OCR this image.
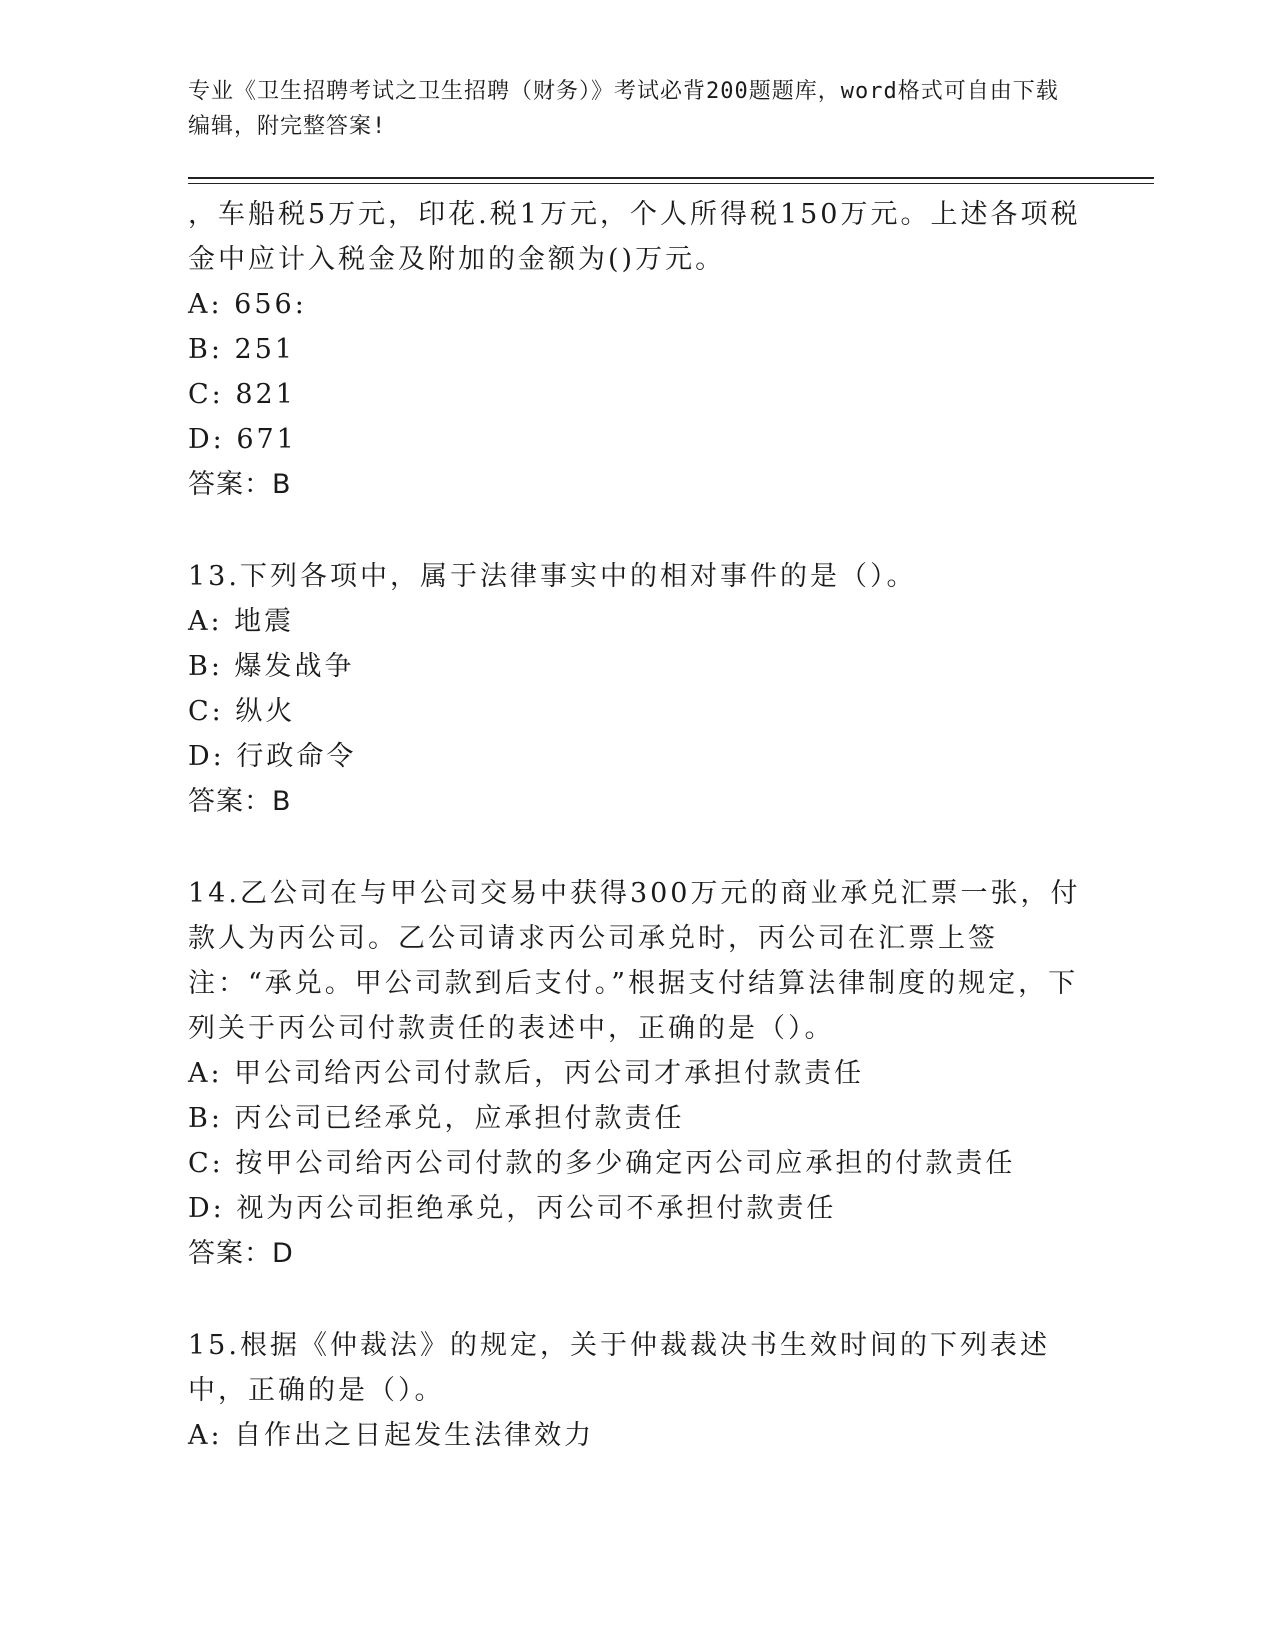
专业《卫生招聘考试之卫生招聘（财务）》考试必背200题题库，word格式可自由下载编辑，附完整答案!
，车船税5万元，印花.税1万元，个人所得税150万元。上述各项税金中应计入税金及附加的金额为()万元。
A: 656:
B: 251
C: 821
D: 671
答案：B
13.下列各项中，属于法律事实中的相对事件的是（）。
A: 地震
B: 爆发战争
C: 纵火
D: 行政命令
答案：B
14.乙公司在与甲公司交易中获得300万元的商业承兑汇票一张，付款人为丙公司。乙公司请求丙公司承兑时，丙公司在汇票上签注：“承兑。甲公司款到后支付。”根据支付结算法律制度的规定，下列关于丙公司付款责任的表述中，正确的是（）。
A: 甲公司给丙公司付款后，丙公司才承担付款责任
B: 丙公司已经承兑，应承担付款责任
C: 按甲公司给丙公司付款的多少确定丙公司应承担的付款责任
D: 视为丙公司拒绝承兑，丙公司不承担付款责任
答案：D
15.根据《仲裁法》的规定，关于仲裁裁决书生效时间的下列表述中，正确的是（）。
A: 自作出之日起发生法律效力
